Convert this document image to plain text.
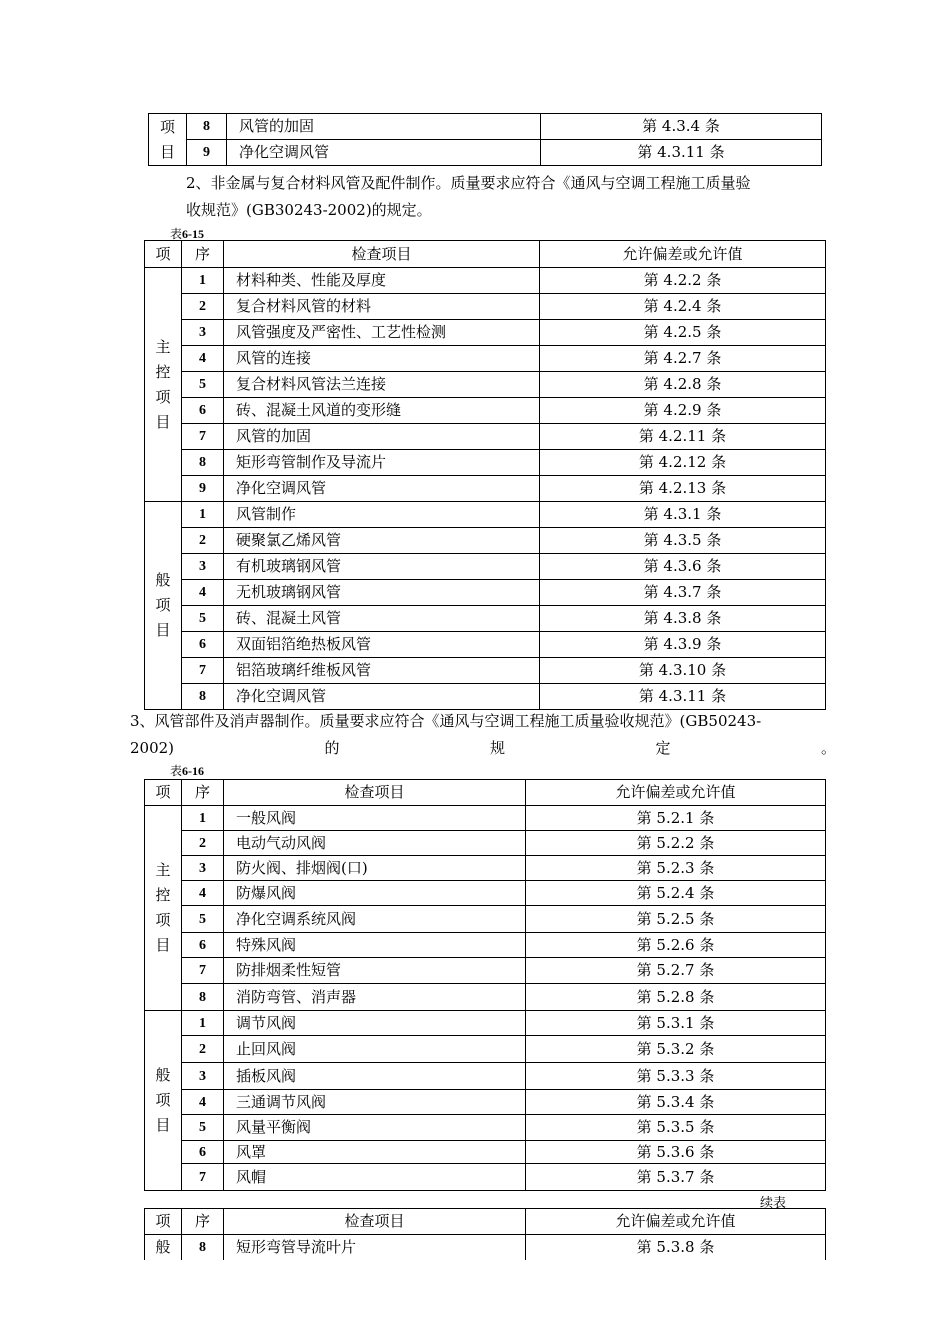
项
目	8	风管的加固	第 4.3.4 条
	9	净化空调风管	第 4.3.11 条
2、非金属与复合材料风管及配件制作。质量要求应符合《通风与空调工程施工质量验
收规范》(GB30243-2002)的规定。
表6-15
项	序	检查项目	允许偏差或允许值

主
控
项
目	1	材料种类、性能及厚度	第 4.2.2 条
	2	复合材料风管的材料	第 4.2.4 条
	3	风管强度及严密性、工艺性检测	第 4.2.5 条
	4	风管的连接	第 4.2.7 条
	5	复合材料风管法兰连接	第 4.2.8 条
	6	砖、混凝土风道的变形缝	第 4.2.9 条
	7	风管的加固	第 4.2.11 条
	8	矩形弯管制作及导流片	第 4.2.12 条
	9	净化空调风管	第 4.2.13 条

般
项
目	1	风管制作	第 4.3.1 条
	2	硬聚氯乙烯风管	第 4.3.5 条
	3	有机玻璃钢风管	第 4.3.6 条
	4	无机玻璃钢风管	第 4.3.7 条
	5	砖、混凝土风管	第 4.3.8 条
	6	双面铝箔绝热板风管	第 4.3.9 条
	7	铝箔玻璃纤维板风管	第 4.3.10 条
	8	净化空调风管	第 4.3.11 条
3、风管部件及消声器制作。质量要求应符合《通风与空调工程施工质量验收规范》(GB50243-
2002)	的	规	定	。
表6-16
项	序	检查项目	允许偏差或允许值

主
控
项
目	1	一般风阀	第 5.2.1 条
	2	电动气动风阀	第 5.2.2 条
	3	防火阀、排烟阀(口)	第 5.2.3 条
	4	防爆风阀	第 5.2.4 条
	5	净化空调系统风阀	第 5.2.5 条
	6	特殊风阀	第 5.2.6 条
	7	防排烟柔性短管	第 5.2.7 条
	8	消防弯管、消声器	第 5.2.8 条

般
项
目	1	调节风阀	第 5.3.1 条
	2	止回风阀	第 5.3.2 条
	3	插板风阀	第 5.3.3 条
	4	三通调节风阀	第 5.3.4 条
	5	风量平衡阀	第 5.3.5 条
	6	风罩	第 5.3.6 条
	7	风帽	第 5.3.7 条
续表
项	序	检查项目	允许偏差或允许值
般	8	短形弯管导流叶片	第 5.3.8 条
